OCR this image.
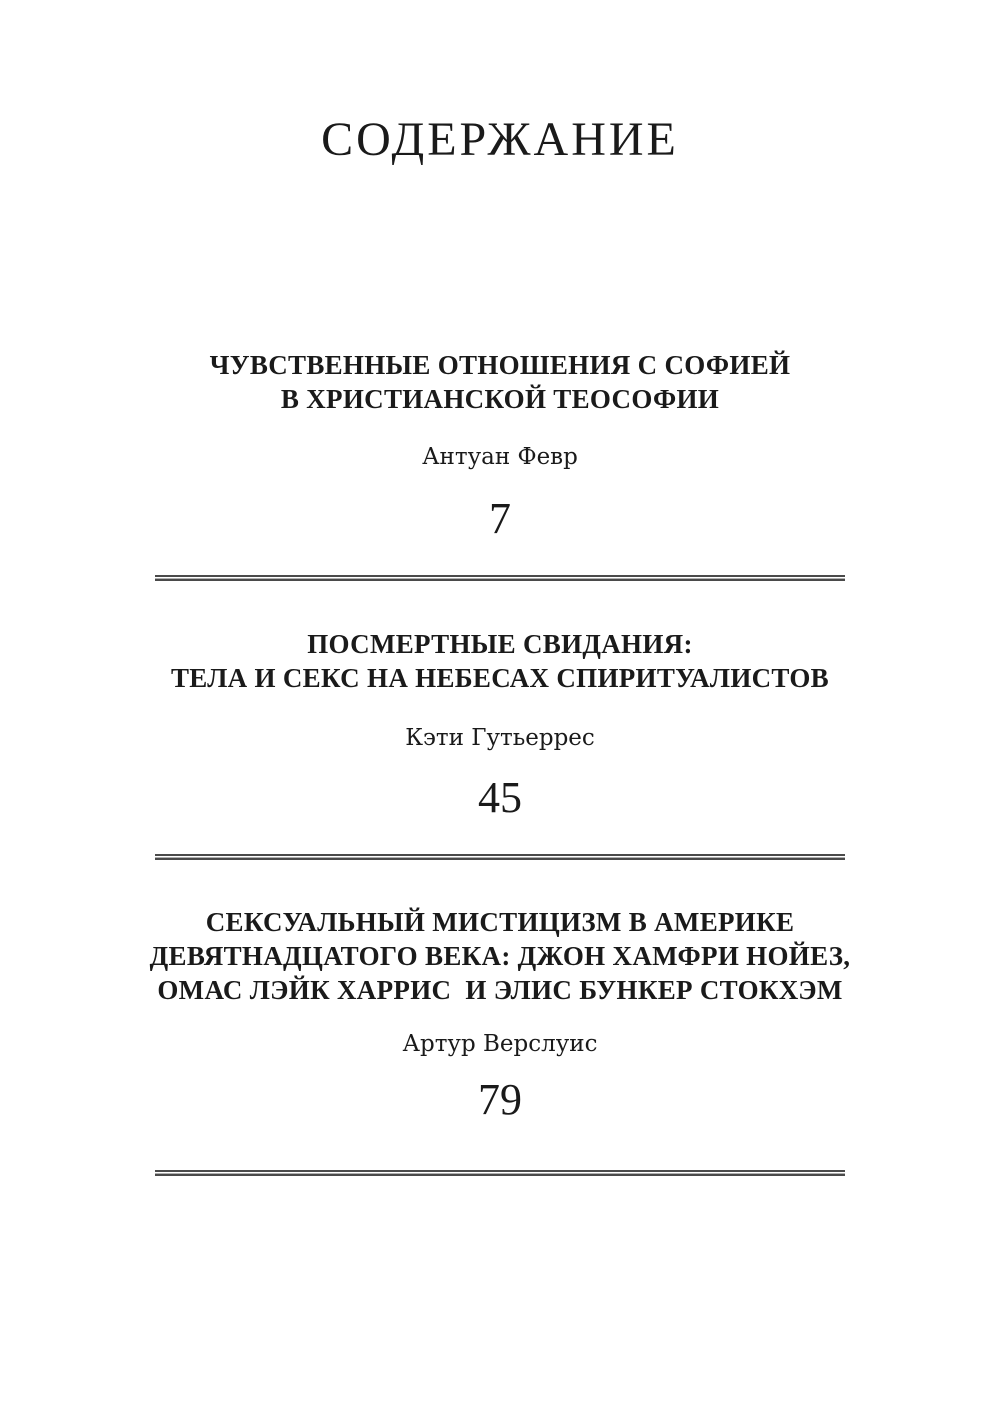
СОДЕРЖАНИЕ
ЧУВСТВЕННЫЕ ОТНОШЕНИЯ С СОФИЕЙ
В ХРИСТИАНСКОЙ ТЕОСОФИИ

Антуан Февр

7

ПОСМЕРТНЫЕ СВИДАНИЯ:
ТЕЛА И СЕКС НА НЕБЕСАХ СПИРИТУАЛИСТОВ

Кэти Гутьеррес

45

СЕКСУАЛЬНЫЙ МИСТИЦИЗМ В АМЕРИКЕ
ДЕВЯТНАДЦАТОГО ВЕКА: ДЖОН ХАМФРИ НОЙЕЗ,
ОМАС ЛЭЙК ХАРРИС  И ЭЛИС БУНКЕР СТОКХЭМ

Артур Верслуис

79
